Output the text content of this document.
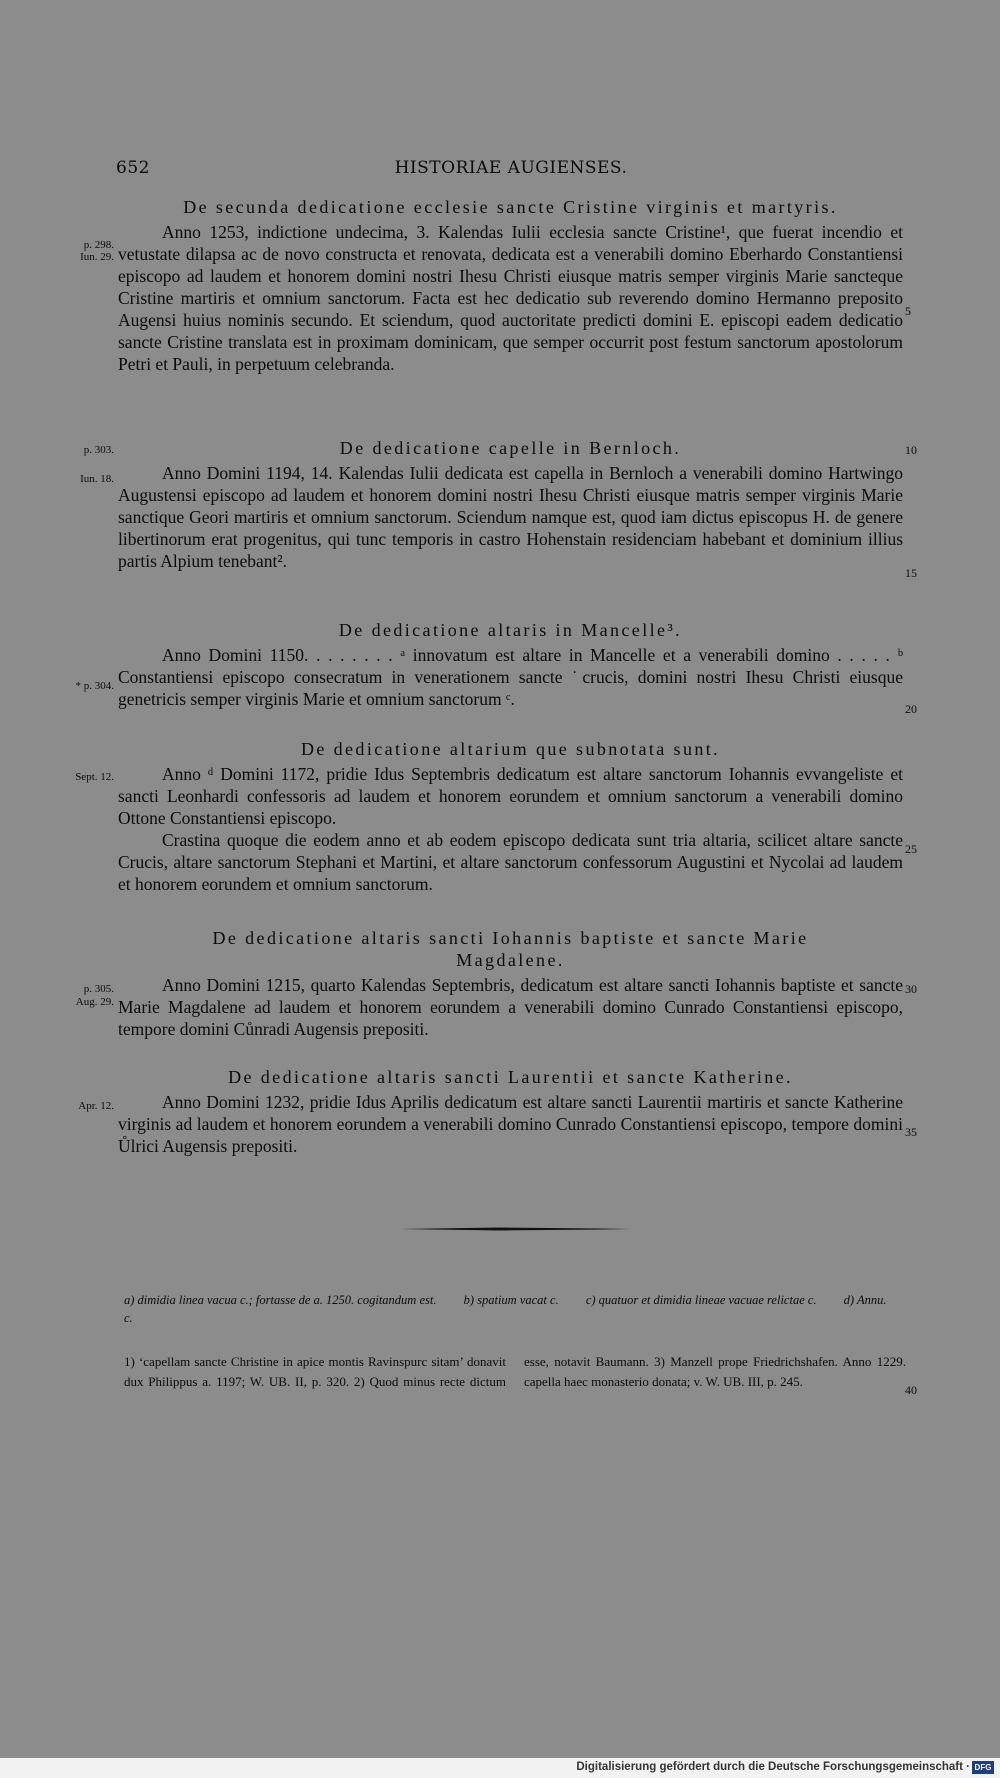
652	HISTORIAE AUGIENSES.
De secunda dedicatione ecclesie sancte Cristine virginis et martyris.
Anno 1253, indictione undecima, 3. Kalendas Iulii ecclesia sancte Cristine¹, que fuerat incendio et vetustate dilapsa ac de novo constructa et renovata, dedicata est a venerabili domino Eberhardo Constantiensi episcopo ad laudem et honorem domini nostri Ihesu Christi eiusque matris semper virginis Marie sancteque Cristine martiris et omnium sanctorum. Facta est hec dedicatio sub reverendo domino Hermanno preposito Augensi huius nominis secundo. Et sciendum, quod auctoritate predicti domini E. episcopi eadem dedicatio sancte Cristine translata est in proximam dominicam, que semper occurrit post festum sanctorum apostolorum Petri et Pauli, in perpetuum celebranda.
De dedicatione capelle in Bernloch.
Anno Domini 1194, 14. Kalendas Iulii dedicata est capella in Bernloch a venerabili domino Hartwingo Augustensi episcopo ad laudem et honorem domini nostri Ihesu Christi eiusque matris semper virginis Marie sanctique Geori martiris et omnium sanctorum. Sciendum namque est, quod iam dictus episcopus H. de genere libertinorum erat progenitus, qui tunc temporis in castro Hohenstain residenciam habebant et dominium illius partis Alpium tenebant².
De dedicatione altaris in Mancelle³.
Anno Domini 1150. . . . . . . . ᵃ innovatum est altare in Mancelle et a venerabili domino . . . . . ᵇ Constantiensi episcopo consecratum in venerationem sancte ˙crucis, domini nostri Ihesu Christi eiusque genetricis semper virginis Marie et omnium sanctorum ᶜ.
De dedicatione altarium que subnotata sunt.
Anno ᵈ Domini 1172, pridie Idus Septembris dedicatum est altare sanctorum Iohannis evvangeliste et sancti Leonhardi confessoris ad laudem et honorem eorundem et omnium sanctorum a venerabili domino Ottone Constantiensi episcopo.
Crastina quoque die eodem anno et ab eodem episcopo dedicata sunt tria altaria, scilicet altare sancte Crucis, altare sanctorum Stephani et Martini, et altare sanctorum confessorum Augustini et Nycolai ad laudem et honorem eorundem et omnium sanctorum.
De dedicatione altaris sancti Iohannis baptiste et sancte Marie Magdalene.
Anno Domini 1215, quarto Kalendas Septembris, dedicatum est altare sancti Iohannis baptiste et sancte Marie Magdalene ad laudem et honorem eorundem a venerabili domino Cunrado Constantiensi episcopo, tempore domini Cůnradi Augensis prepositi.
De dedicatione altaris sancti Laurentii et sancte Katherine.
Anno Domini 1232, pridie Idus Aprilis dedicatum est altare sancti Laurentii martiris et sancte Katherine virginis ad laudem et honorem eorundem a venerabili domino Cunrado Constantiensi episcopo, tempore domini Ůlrici Augensis prepositi.
p. 298.
Iun. 29.
p. 303.
Iun. 18.
* p. 304.
Sept. 12.
p. 305.
Aug. 29.
Apr. 12.
5
10
15
20
25
30
35
40
a) dimidia linea vacua c.; fortasse de a. 1250. cogitandum est. b) spatium vacat c. c) quatuor et dimidia lineae vacuae relictae c. d) Annu. c.
1) ‘capellam sancte Christine in apice montis Ravinspurc sitam’ donavit dux Philippus a. 1197; W. UB. II, p. 320. 2) Quod minus recte dictum esse, notavit Baumann. 3) Manzell prope Friedrichshafen. Anno 1229. capella haec monasterio donata; v. W. UB. III, p. 245.
Digitalisierung gefördert durch die Deutsche Forschungsgemeinschaft · DFG
